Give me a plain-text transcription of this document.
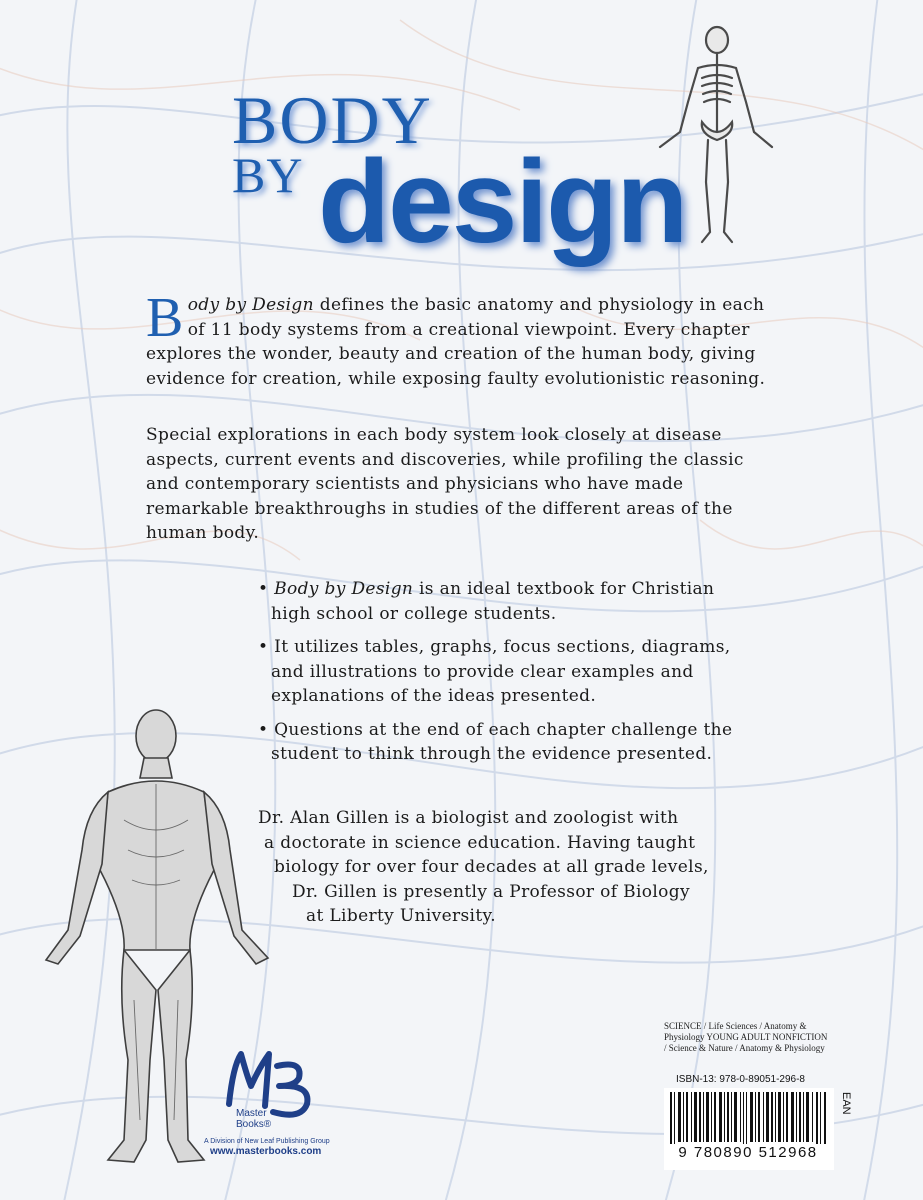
BODY
BY design
Body by Design defines the basic anatomy and physiology in each of 11 body systems from a creational viewpoint. Every chapter explores the wonder, beauty and creation of the human body, giving evidence for creation, while exposing faulty evolutionistic reasoning.
Special explorations in each body system look closely at disease aspects, current events and discoveries, while profiling the classic and contemporary scientists and physicians who have made remarkable breakthroughs in studies of the different areas of the human body.
• Body by Design is an ideal textbook for Christian high school or college students.
• It utilizes tables, graphs, focus sections, diagrams, and illustrations to provide clear examples and explanations of the ideas presented.
• Questions at the end of each chapter challenge the student to think through the evidence presented.
Dr. Alan Gillen is a biologist and zoologist with
a doctorate in science education. Having taught
biology for over four decades at all grade levels,
Dr. Gillen is presently a Professor of Biology
at Liberty University.
SCIENCE / Life Sciences / Anatomy & Physiology YOUNG ADULT NONFICTION / Science & Nature / Anatomy & Physiology
ISBN-13: 978-0-89051-296-8
9 780890 512968
EAN
Master Books®
A Division of New Leaf Publishing Group
www.masterbooks.com
